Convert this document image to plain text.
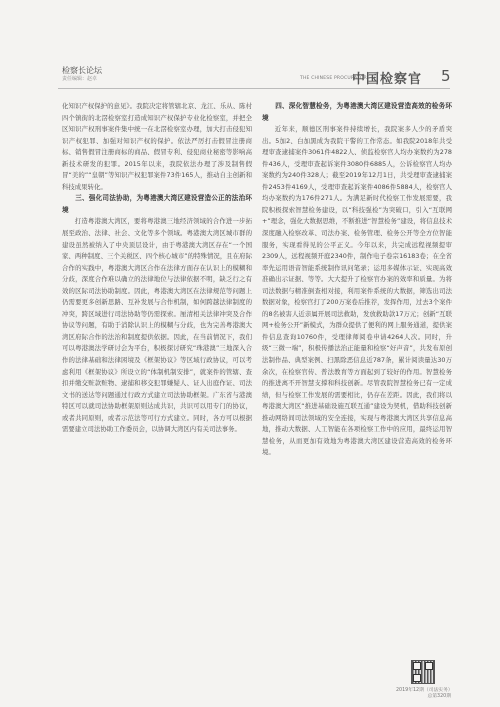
检察长论坛
责任编辑：赵卓	THE CHINESE PROCURATORS
中国检察官 5

化知识产权保护的意见》。我院决定将管辖北京、龙江、乐从、陈村四个镇街的北滘检察室打造成知识产权保护专业化检察室，并把全区知识产权刑事案件集中统一在北滘检察室办理，加大打击侵犯知识产权犯罪、加强对知识产权的保护。依法严厉打击假冒注册商标、销售假冒注册商标的商品、假冒专利、侵犯商业秘密等影响高新技术研发的犯罪。2015年以来，我院依法办理了涉及制售假冒“美的”“皇朝”等知识产权犯罪案件73件165人，推动自主创新和科技成果转化。

三、强化司法协助，为粤港澳大湾区建设营造公正的法治环境

打造粤港澳大湾区，要将粤港澳三地经济领域的合作进一步拓展至政治、法律、社会、文化等多个领域。粤港澳大湾区城市群的建设虽然被纳入了中央顶层设计，由于粤港澳大湾区存在“一个国家、两种制度、三个关税区、四个核心城市”的特殊情况，且在府际合作的实践中，粤港澳大湾区合作在法律方面存在认识上的模糊和分歧，深度合作难以确立的法律地位与法律依据不明，缺乏行之有效的区际司法协助制度。因此，粤港澳大湾区在法律规范等问题上仍需要更多创新思路、互补发展与合作机制，如何跨越法律制度的冲突，跨区域进行司法协助等仍需探索。厘清相关法律冲突及合作协议等问题，有助于消除认识上的模糊与分歧，也为完善粤港澳大湾区府际合作的法治和制度提供依据。因此，在当前情况下，我们可以粤港澳法学研讨会为平台，积极探讨研究“珠港澳”三地深入合作的法律基础和法律困境及《框架协议》等区域行政协议，可以考虑利用《框架协议》所设立的“体制机制安排”，就案件的管辖、查扣并缴交赃款赃物、逮捕和移交犯罪嫌疑人、证人出庭作证、司法文书的送达等问题通过行政方式建立司法协助框架。广东省与港澳特区可以就司法协助框架原则达成共识，共识可以用专门的协议，或者共同原则，或者示范法等可行方式建立。同时，各方可以根据需要建立司法协助工作委员会，以协调大湾区内有关司法事务。

四、深化智慧检务，为粤港澳大湾区建设营造高效的检务环境

近年来，顺德区刑事案件持续增长，我院案多人少的矛盾突出。5加2、白加黑成为我院干警的工作常态。如我院2018年共受理审查逮捕案件3061件4822人、侦监检察官人均办案数约为278件436人，受理审查起诉案件3080件6885人，公诉检察官人均办案数约为240件328人；截至2019年12月1日，共受理审查逮捕案件2453件4169人，受理审查起诉案件4086件5884人，检察官人均办案数约为176件271人。为满足新时代检察工作发展需要，我院积极探索智慧检务建设，以“科技强检”为突破口，引入“互联网+”理念，强化大数据思维，不断推进“智慧检务”建设，将信息技术深度融入检察改革、司法办案、检务管理、检务公开等全方位智能服务，实现看得见的公平正义。今年以来，共完成远程视频提审2309人，远程视频开庭2340件，制作电子卷宗16183卷；在全省率先运用语音智能系统制作讯问笔录；运用多媒体示证、实现高效准确出示证据、等等。大大提升了检察官办案的效率和质量。为将司法数据与精准倒查相对接，利用案件系统的大数据，筛选出司法数据对象，检察官打了200万案卷后推荐，发挥作用，过去3个案件的8名被害人近亲属开展司法救助，发放救助款17万元；创新“互联网+检务公开”新模式，为群众提供了便利的网上服务通道，提供案件信息查询10760件，受理律师阅卷申请4264人次。同时，升级“三微一端”，积极传播法治正能量和检察“好声音”，共发布原创法制作品、典型案例、扫黑除恶信息近787条，累计阅读量达30万余次，在检察官传、普法教育等方面起到了较好的作用。智慧检务的推进离不开智慧支撑和科技创新。尽管我院智慧检务已有一定成绩，但与检察工作发展的需要相比，仍存在差距。因此，我们将以粤港澳大湾区“推进基础设施互联互通”建设为契机，借助科技创新推动网络间司法领域的安全连接，实现与粤港澳大湾区共享信息高地，推动大数据、人工智能在各项检察工作中的应用，最终运用智慧检务，从而更加有效地为粤港澳大湾区建设营造高效的检务环境。

2019年12期（司法实务）
总第320期
